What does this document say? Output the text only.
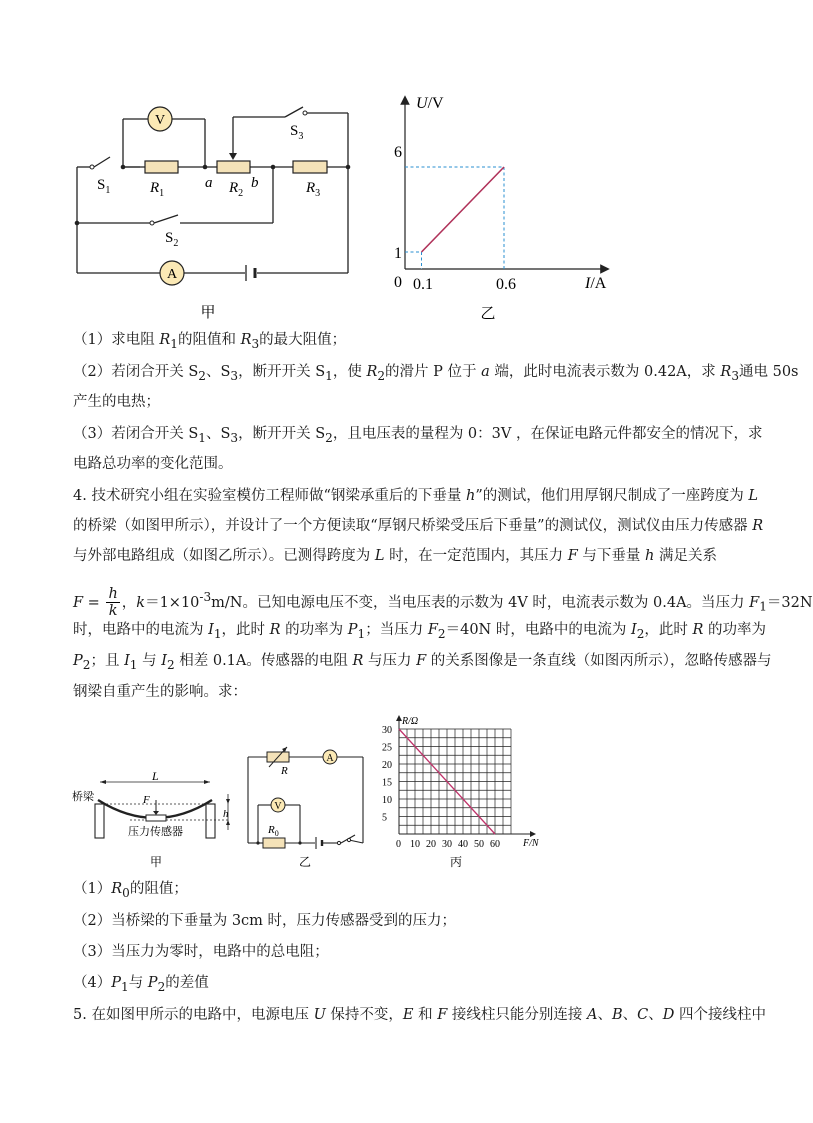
V
A
$S_1$	$R_1$
a $R_2$
b	$R_3$
$S_3$
$S_2$
甲
U/V
I/A
0
6
1
0.1	0.6
乙
（1）求电阻 $R_1$的阻值和 $R_3$的最大阻值；
（2）若闭合开关 $S_2$、$S_3$，断开开关 $S_1$，使 $R_2$的滑片 P 位于 a 端，此时电流表示数为 0.42A，求 $R_3$通电 50s
产生的电热；
（3）若闭合开关 $S_1$、$S_3$，断开开关 $S_2$，且电压表的量程为 0：3V ，在保证电路元件都安全的情况下，求
电路总功率的变化范围。
4. 技术研究小组在实验室模仿工程师做“钢梁承重后的下垂量 h”的测试，他们用厚钢尺制成了一座跨度为 L
的桥梁（如图甲所示），并设计了一个方便读取“厚钢尺桥梁受压后下垂量”的测试仪，测试仪由压力传感器 R
与外部电路组成（如图乙所示）。已测得跨度为 L 时，在一定范围内，其压力 F 与下垂量 h 满足关系
$F = \frac{h}{k}$ ，$k=1\times 10^{-3}m/N$。已知电源电压不变，当电压表的示数为 4V 时，电流表示数为 0.4A。当压力 $F_1=32N$
时，电路中的电流为 $I_1$，此时 R 的功率为 $P_1$；当压力 $F_2=40N$ 时，电路中的电流为 $I_2$，此时 R 的功率为
$P_2$；且 $I_1$ 与 $I_2$ 相差 0.1A。传感器的电阻 R 与压力 F 的关系图像是一条直线（如图丙所示），忽略传感器与
钢梁自重产生的影响。求：
L
F
h
桥梁
压力传感器
甲
A
V
R
$R_0$
乙
R/Ω
F/N
30
25
20
15
10
5
0 10 20 30 40 50 60
丙
$(1)R_0$的阻值；
（2）当桥梁的下垂量为 3cm 时，压力传感器受到的压力；
（3）当压力为零时，电路中的总电阻；
$(4)P_1$与 $P_2$的差值
5. 在如图甲所示的电路中，电源电压 U 保持不变，E 和 F 接线柱只能分别连接 A、B、C、D 四个接线柱中
